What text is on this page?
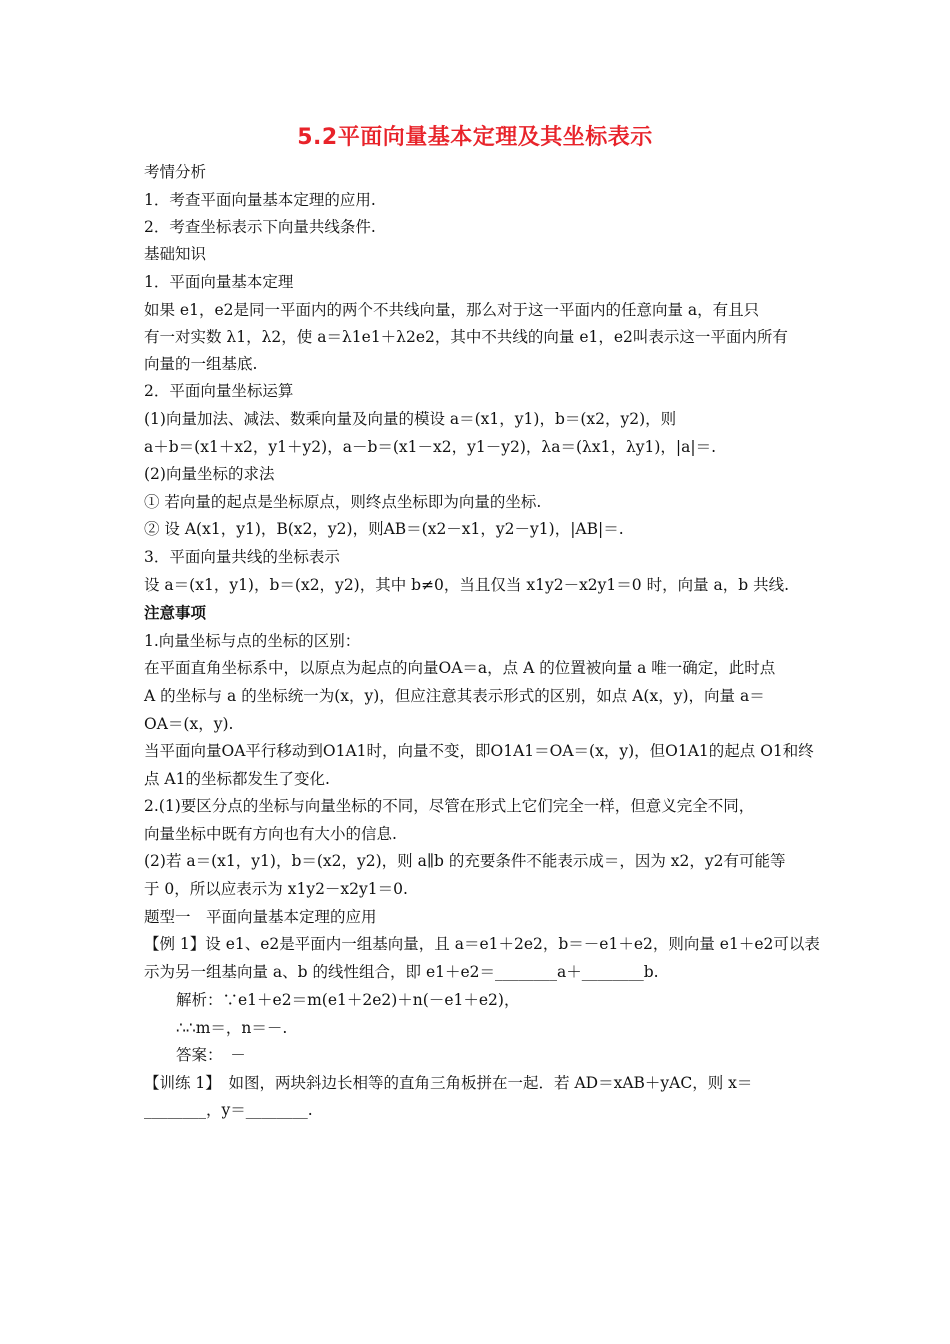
5.2平面向量基本定理及其坐标表示
考情分析
1．考查平面向量基本定理的应用.
2．考查坐标表示下向量共线条件.
基础知识
1．平面向量基本定理
如果 e1，e2是同一平面内的两个不共线向量，那么对于这一平面内的任意向量 a，有且只
有一对实数 λ1，λ2，使 a＝λ1e1＋λ2e2，其中不共线的向量 e1，e2叫表示这一平面内所有
向量的一组基底.
2．平面向量坐标运算
(1)向量加法、减法、数乘向量及向量的模设 a＝(x1，y1)，b＝(x2，y2)，则
a＋b＝(x1＋x2，y1＋y2)，a－b＝(x1－x2，y1－y2)，λa＝(λx1，λy1)，|a|＝.
(2)向量坐标的求法
① 若向量的起点是坐标原点，则终点坐标即为向量的坐标.
② 设 A(x1，y1)，B(x2，y2)，则AB＝(x2－x1，y2－y1)，|AB|＝.
3．平面向量共线的坐标表示
设 a＝(x1，y1)，b＝(x2，y2)，其中 b≠0，当且仅当 x1y2－x2y1＝0 时，向量 a，b 共线.
注意事项
1.向量坐标与点的坐标的区别：
在平面直角坐标系中，以原点为起点的向量OA＝a，点 A 的位置被向量 a 唯一确定，此时点
A 的坐标与 a 的坐标统一为(x，y)，但应注意其表示形式的区别，如点 A(x，y)，向量 a＝
OA＝(x，y).
当平面向量OA平行移动到O1A1时，向量不变，即O1A1＝OA＝(x，y)，但O1A1的起点 O1和终
点 A1的坐标都发生了变化.
2.(1)要区分点的坐标与向量坐标的不同，尽管在形式上它们完全一样，但意义完全不同，
向量坐标中既有方向也有大小的信息.
(2)若 a＝(x1，y1)，b＝(x2，y2)，则 a∥b 的充要条件不能表示成＝，因为 x2，y2有可能等
于 0，所以应表示为 x1y2－x2y1＝0.
题型一　平面向量基本定理的应用
【例 1】设 e1、e2是平面内一组基向量，且 a＝e1＋2e2，b＝－e1＋e2，则向量 e1＋e2可以表
示为另一组基向量 a、b 的线性组合，即 e1＋e2＝________a＋________b.
解析：∵e1＋e2＝m(e1＋2e2)＋n(－e1＋e2)，
∴∴m＝，n＝－.
答案：　－
【训练 1】　如图，两块斜边长相等的直角三角板拼在一起．若 AD＝xAB＋yAC，则 x＝
________，y＝________.
